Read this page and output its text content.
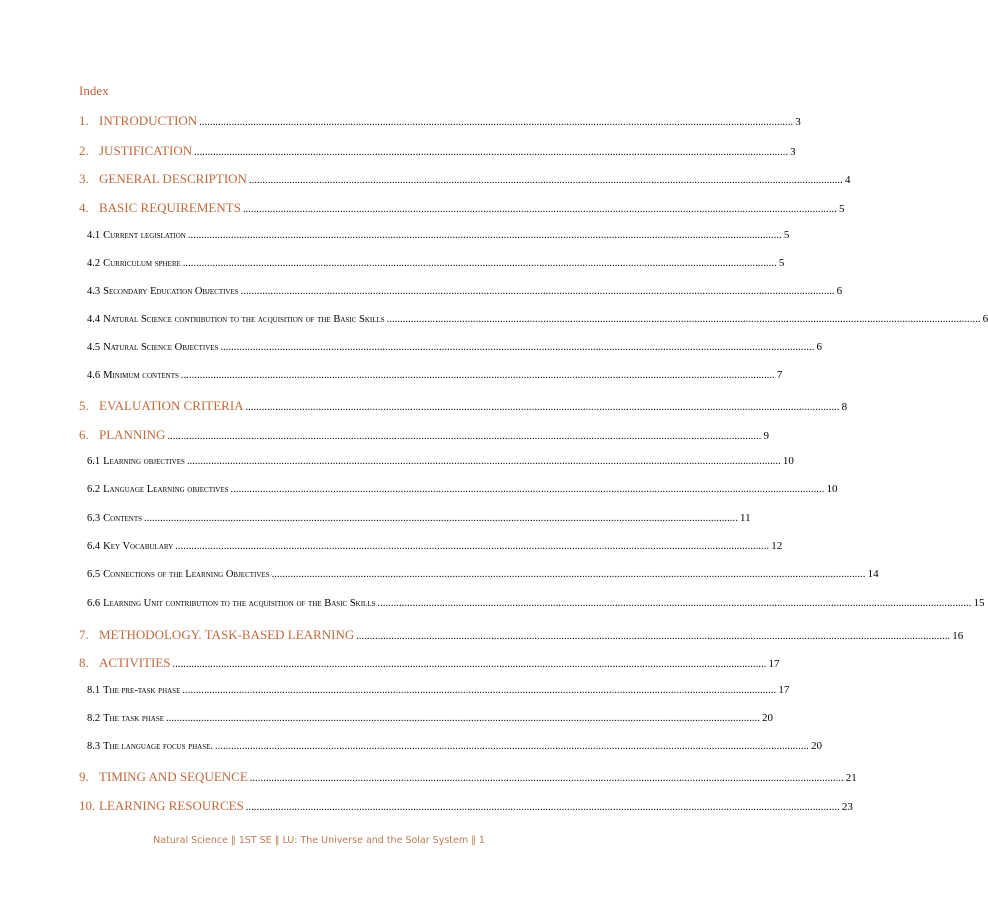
Index
1. INTRODUCTION ............................................................................................................................................................................................................................ 3
2. JUSTIFICATION ............................................................................................................................................................................................................................ 3
3. GENERAL DESCRIPTION ............................................................................................................................................................................................................................ 4
4. BASIC REQUIREMENTS ............................................................................................................................................................................................................................ 5
4.1 Current legislation ............................................................................................................................................................................................................................ 5
4.2 Curriculum sphere ............................................................................................................................................................................................................................ 5
4.3 Secondary Education Objectives ............................................................................................................................................................................................................................ 6
4.4 Natural Science contribution to the acquisition of the Basic Skills ............................................................................................................................................................................................................................ 6
4.5 Natural Science Objectives ............................................................................................................................................................................................................................ 6
4.6 Minimum contents ............................................................................................................................................................................................................................ 7
5. EVALUATION CRITERIA ............................................................................................................................................................................................................................ 8
6. PLANNING ............................................................................................................................................................................................................................ 9
6.1 Learning objectives ............................................................................................................................................................................................................................ 10
6.2 Language Learning objectives ............................................................................................................................................................................................................................ 10
6.3 Contents ............................................................................................................................................................................................................................ 11
6.4 Key Vocabulary ............................................................................................................................................................................................................................ 12
6.5 Connections of the Learning Objectives ............................................................................................................................................................................................................................ 14
6.6 Learning Unit contribution to the acquisition of the Basic Skills ............................................................................................................................................................................................................................ 15
7. METHODOLOGY. TASK-BASED LEARNING ............................................................................................................................................................................................................................ 16
8. ACTIVITIES ............................................................................................................................................................................................................................ 17
8.1 The pre-task phase ............................................................................................................................................................................................................................ 17
8.2 The task phase ............................................................................................................................................................................................................................ 20
8.3 The language focus phase. ............................................................................................................................................................................................................................ 20
9. TIMING AND SEQUENCE ............................................................................................................................................................................................................................ 21
10. LEARNING RESOURCES ............................................................................................................................................................................................................................ 23
Natural Science ‖ 1ST SE ‖ LU: The Universe and the Solar System ‖ 1
